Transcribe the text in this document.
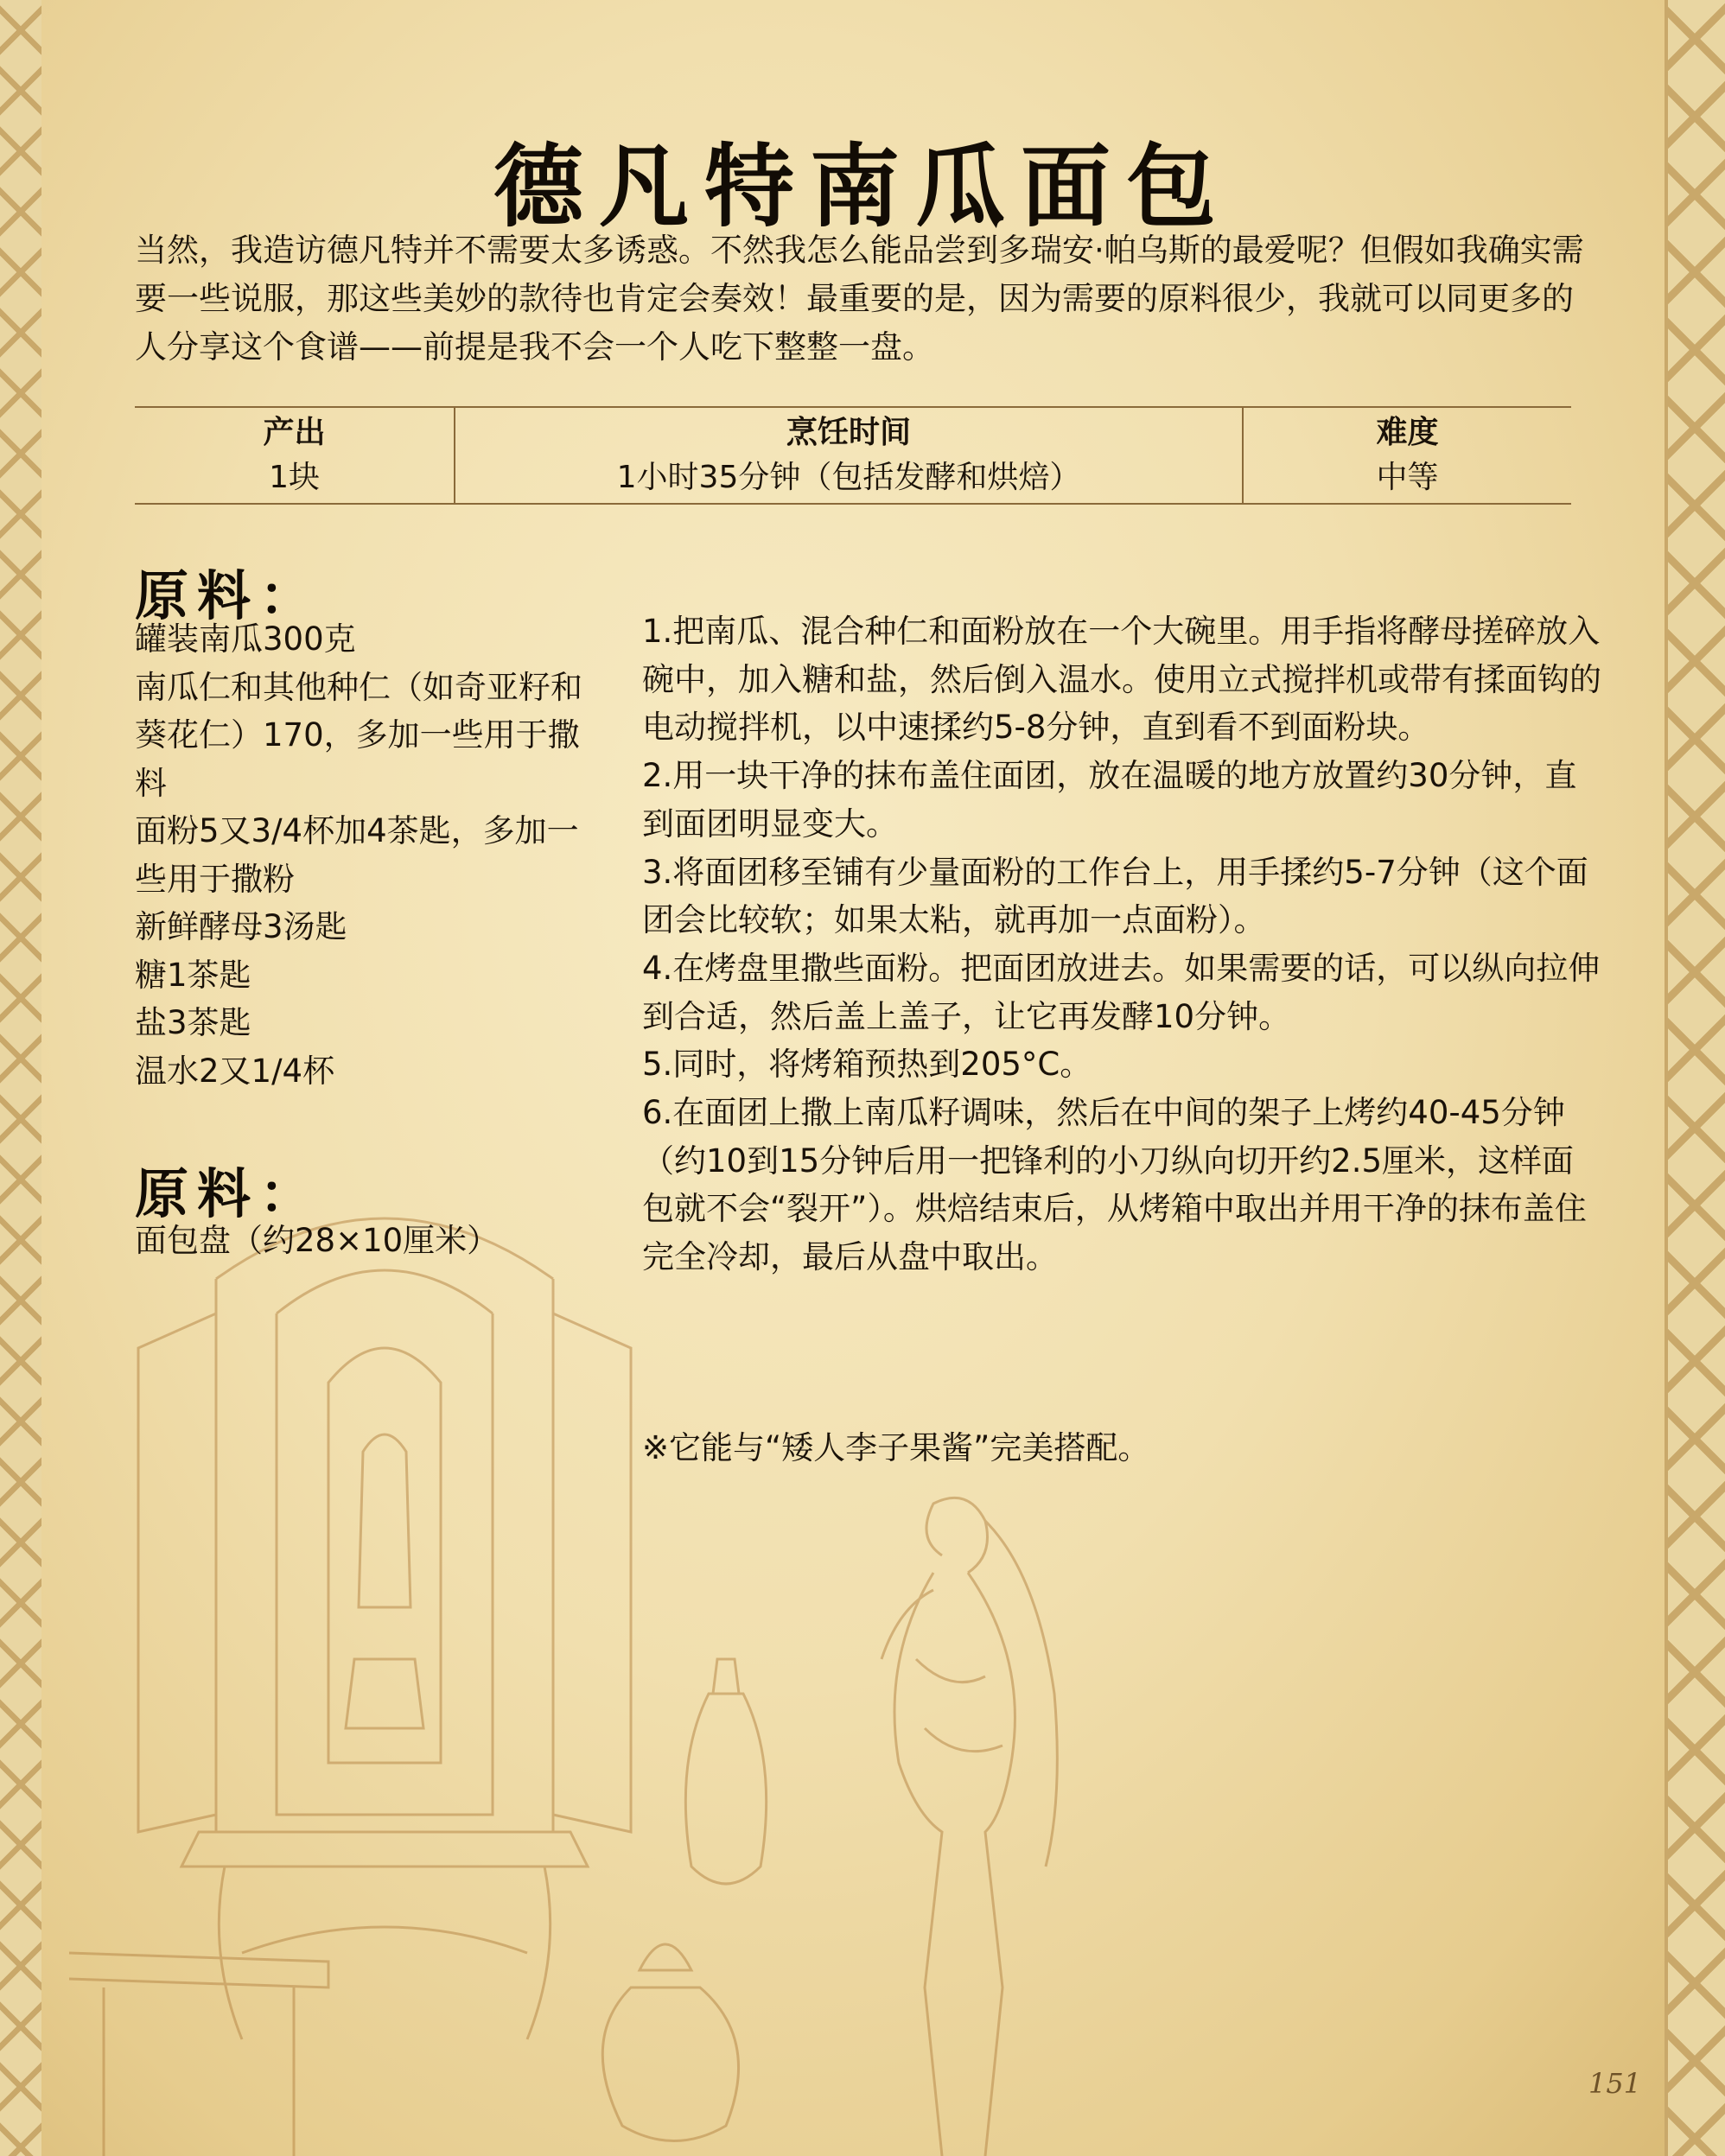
德凡特南瓜面包

当然，我造访德凡特并不需要太多诱惑。不然我怎么能品尝到多瑞安·帕乌斯的最爱呢？但假如我确实需要一些说服，那这些美妙的款待也肯定会奏效！最重要的是，因为需要的原料很少，我就可以同更多的人分享这个食谱——前提是我不会一个人吃下整整一盘。

产出
1块
烹饪时间
1小时35分钟（包括发酵和烘焙）
难度
中等
原料：
罐装南瓜300克
南瓜仁和其他种仁（如奇亚籽和葵花仁）170，多加一些用于撒料
面粉5又3/4杯加4茶匙，多加一些用于撒粉
新鲜酵母3汤匙
糖1茶匙
盐3茶匙
温水2又1/4杯
原料：
面包盘（约28×10厘米）
1.把南瓜、混合种仁和面粉放在一个大碗里。用手指将酵母搓碎放入碗中，加入糖和盐，然后倒入温水。使用立式搅拌机或带有揉面钩的电动搅拌机，以中速揉约5-8分钟，直到看不到面粉块。
2.用一块干净的抹布盖住面团，放在温暖的地方放置约30分钟，直到面团明显变大。
3.将面团移至铺有少量面粉的工作台上，用手揉约5-7分钟（这个面团会比较软；如果太粘，就再加一点面粉）。
4.在烤盘里撒些面粉。把面团放进去。如果需要的话，可以纵向拉伸到合适，然后盖上盖子，让它再发酵10分钟。
5.同时，将烤箱预热到205°C。
6.在面团上撒上南瓜籽调味，然后在中间的架子上烤约40-45分钟（约10到15分钟后用一把锋利的小刀纵向切开约2.5厘米，这样面包就不会“裂开”）。烘焙结束后，从烤箱中取出并用干净的抹布盖住完全冷却，最后从盘中取出。

※它能与“矮人李子果酱”完美搭配。

151
